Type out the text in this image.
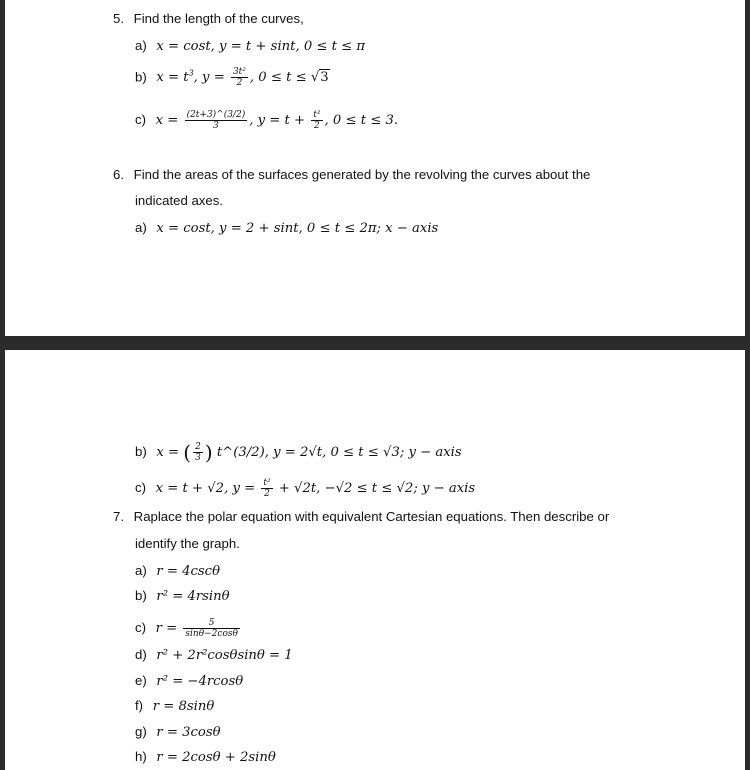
5. Find the length of the curves,
a) x = cost, y = t + sint, 0 ≤ t ≤ π
b) $x = t^3$, $y = \frac{\text{3t²}}{2}$ , 0 ≤ t ≤ √3
c) $x = \frac{(2t+3)\^{}(3/2)}{3}$ , $y = t + \frac{\text{t²}}{2}$ , 0 ≤ t ≤ 3.
6. Find the areas of the surfaces generated by the revolving the curves about the
indicated axes.
a) x = cost, y = 2 + sint, 0 ≤ t ≤ 2π; x − axis
b) x = ( $\frac{2}{3}$ ) t^(3/2), y = 2√t, 0 ≤ t ≤ √3; y − axis
c) x = t + √2, $y = \frac{\text{t²}}{2} + √2t$, −√2 ≤ t ≤ √2; y − axis
7. Raplace the polar equation with equivalent Cartesian equations. Then describe or
identify the graph.
a) r = 4cscθ
b) r² = 4rsinθ
c) $r = \frac{5}{\sin\theta-2\cos\theta}$
d) r² + 2r²cosθsinθ = 1
e) r² = −4rcosθ
f) r = 8sinθ
g) r = 3cosθ
h) r = 2cosθ + 2sinθ
